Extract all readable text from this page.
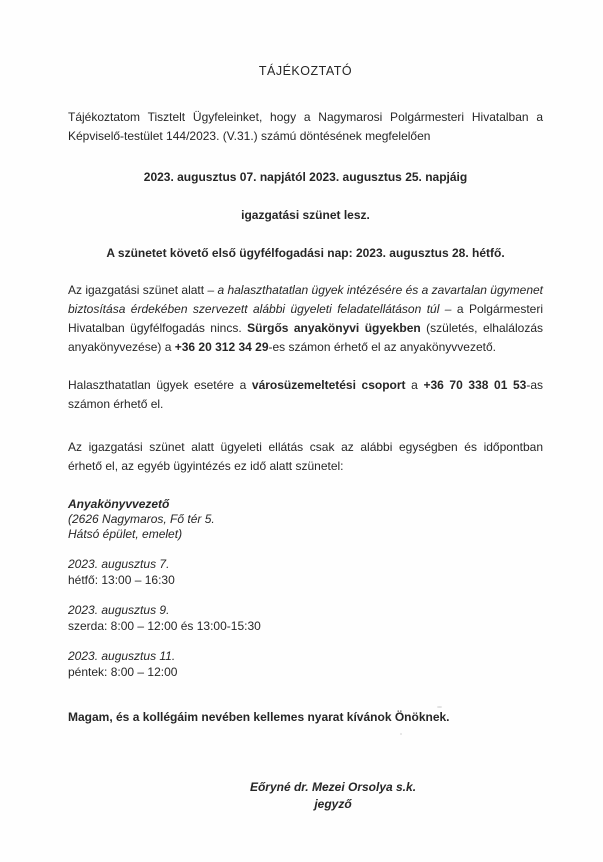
TÁJÉKOZTATÓ

Tájékoztatom Tisztelt Ügyfeleinket, hogy a Nagymarosi Polgármesteri Hivatalban a Képviselő-testület 144/2023. (V.31.) számú döntésének megfelelően

2023. augusztus 07. napjától 2023. augusztus 25. napjáig

igazgatási szünet lesz.

A szünetet követő első ügyfélfogadási nap: 2023. augusztus 28. hétfő.

Az igazgatási szünet alatt – a halaszthatatlan ügyek intézésére és a zavartalan ügymenet biztosítása érdekében szervezett alábbi ügyeleti feladatellátáson túl – a Polgármesteri Hivatalban ügyfélfogadás nincs. Sürgős anyakönyvi ügyekben (születés, elhalálozás anyakönyvezése) a +36 20 312 34 29-es számon érhető el az anyakönyvvezető.

Halaszthatatlan ügyek esetére a városüzemeltetési csoport a +36 70 338 01 53-as számon érhető el.

Az igazgatási szünet alatt ügyeleti ellátás csak az alábbi egységben és időpontban érhető el, az egyéb ügyintézés ez idő alatt szünetel:

Anyakönyvvezető
(2626 Nagymaros, Fő tér 5.
Hátsó épület, emelet)
2023. augusztus 7.
hétfő: 13:00 – 16:30
2023. augusztus 9.
szerda: 8:00 – 12:00 és 13:00-15:30
2023. augusztus 11.
péntek: 8:00 – 12:00

Magam, és a kollégáim nevében kellemes nyarat kívánok Önöknek.

Eőryné dr. Mezei Orsolya s.k.
jegyző
